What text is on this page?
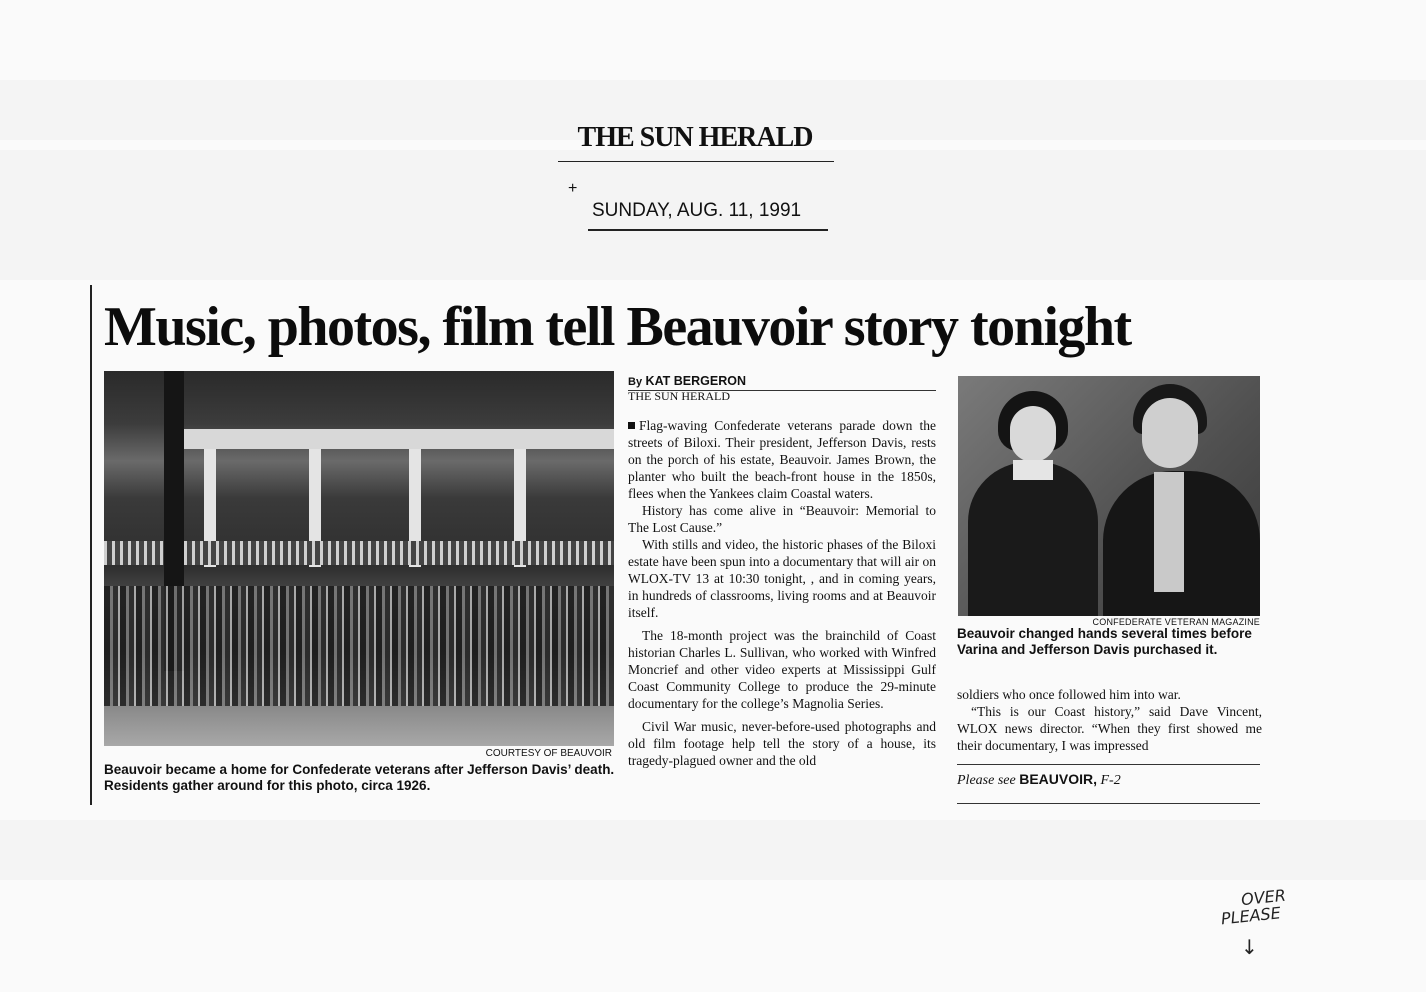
THE SUN HERALD
+
SUNDAY, AUG. 11, 1991
Music, photos, film tell Beauvoir story tonight
COURTESY OF BEAUVOIR
Beauvoir became a home for Confederate veterans after Jefferson Davis’ death. Residents gather around for this photo, circa 1926.
By KAT BERGERON
THE SUN HERALD

Flag-waving Confederate veterans parade down the streets of Biloxi. Their president, Jefferson Davis, rests on the porch of his estate, Beauvoir. James Brown, the planter who built the beach-front house in the 1850s, flees when the Yankees claim Coastal waters.

History has come alive in “Beauvoir: Memorial to The Lost Cause.”

With stills and video, the historic phases of the Biloxi estate have been spun into a documentary that will air on WLOX-TV 13 at 10:30 tonight, , and in coming years, in hundreds of classrooms, living rooms and at Beauvoir itself.

The 18-month project was the brainchild of Coast historian Charles L. Sullivan, who worked with Winfred Moncrief and other video experts at Mississippi Gulf Coast Community College to produce the 29-minute documentary for the college’s Magnolia Series.

Civil War music, never-before-used photographs and old film footage help tell the story of a house, its tragedy-plagued owner and the old

CONFEDERATE VETERAN MAGAZINE
Beauvoir changed hands several times before Varina and Jefferson Davis purchased it.

soldiers who once followed him into war.

“This is our Coast history,” said Dave Vincent, WLOX news director. “When they first showed me their documentary, I was impressed

Please see BEAUVOIR, F-2
OVER
PLEASE
↓
